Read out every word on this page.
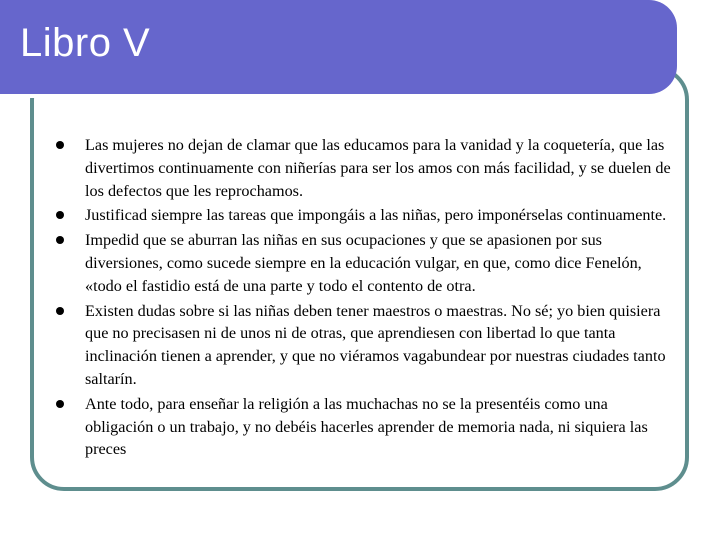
Libro V
Las mujeres no dejan de clamar que las educamos para la vanidad y la coquetería, que las divertimos continuamente con niñerías para ser los amos con más facilidad, y se duelen de los defectos que les reprochamos.
Justificad siempre las tareas que impongáis a las niñas, pero imponérselas continuamente.
Impedid que se aburran las niñas en sus ocupaciones y que se apasionen por sus diversiones, como sucede siempre en la educación vulgar, en que, como dice Fenelón, «todo el fastidio está de una parte y todo el contento de otra.
Existen dudas sobre si las niñas deben tener maestros o maestras. No sé; yo bien quisiera que no precisasen ni de unos ni de otras, que aprendiesen con libertad lo que tanta inclinación tienen a aprender, y que no viéramos vagabundear por nuestras ciudades tanto saltarín.
Ante todo, para enseñar la religión a las muchachas no se la presentéis como una obligación o un trabajo, y no debéis hacerles aprender de memoria nada, ni siquiera las preces
